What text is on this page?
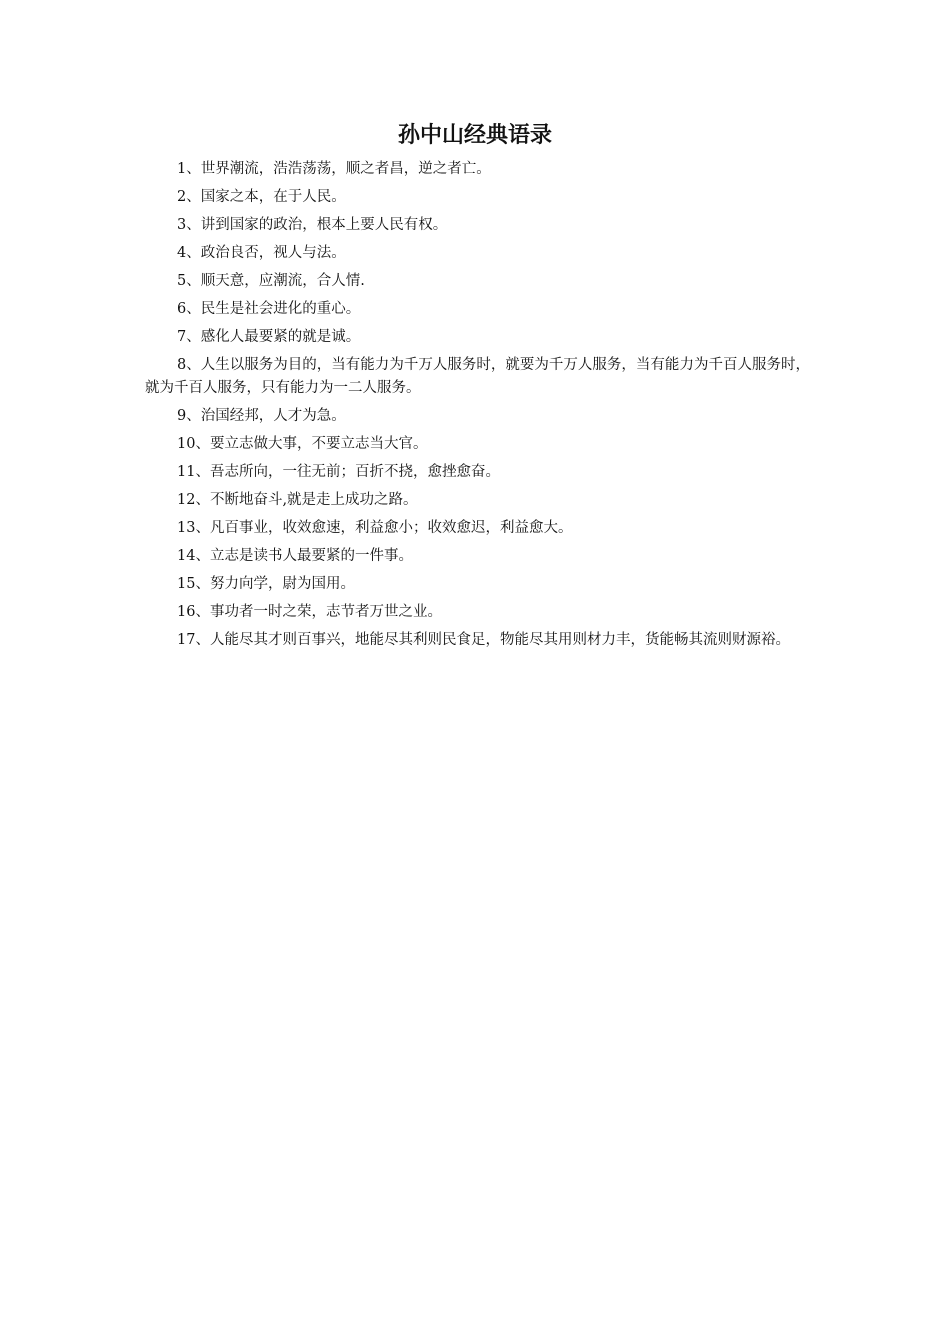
孙中山经典语录
1、世界潮流，浩浩荡荡，顺之者昌，逆之者亡。
2、国家之本，在于人民。
3、讲到国家的政治，根本上要人民有权。
4、政治良否，视人与法。
5、顺天意，应潮流，合人情.
6、民生是社会进化的重心。
7、感化人最要紧的就是诚。
8、人生以服务为目的，当有能力为千万人服务时，就要为千万人服务，当有能力为千百人服务时，就为千百人服务，只有能力为一二人服务。
9、治国经邦，人才为急。
10、要立志做大事，不要立志当大官。
11、吾志所向，一往无前；百折不挠，愈挫愈奋。
12、不断地奋斗,就是走上成功之路。
13、凡百事业，收效愈速，利益愈小；收效愈迟，利益愈大。
14、立志是读书人最要紧的一件事。
15、努力向学，尉为国用。
16、事功者一时之荣，志节者万世之业。
17、人能尽其才则百事兴，地能尽其利则民食足，物能尽其用则材力丰，货能畅其流则财源裕。
